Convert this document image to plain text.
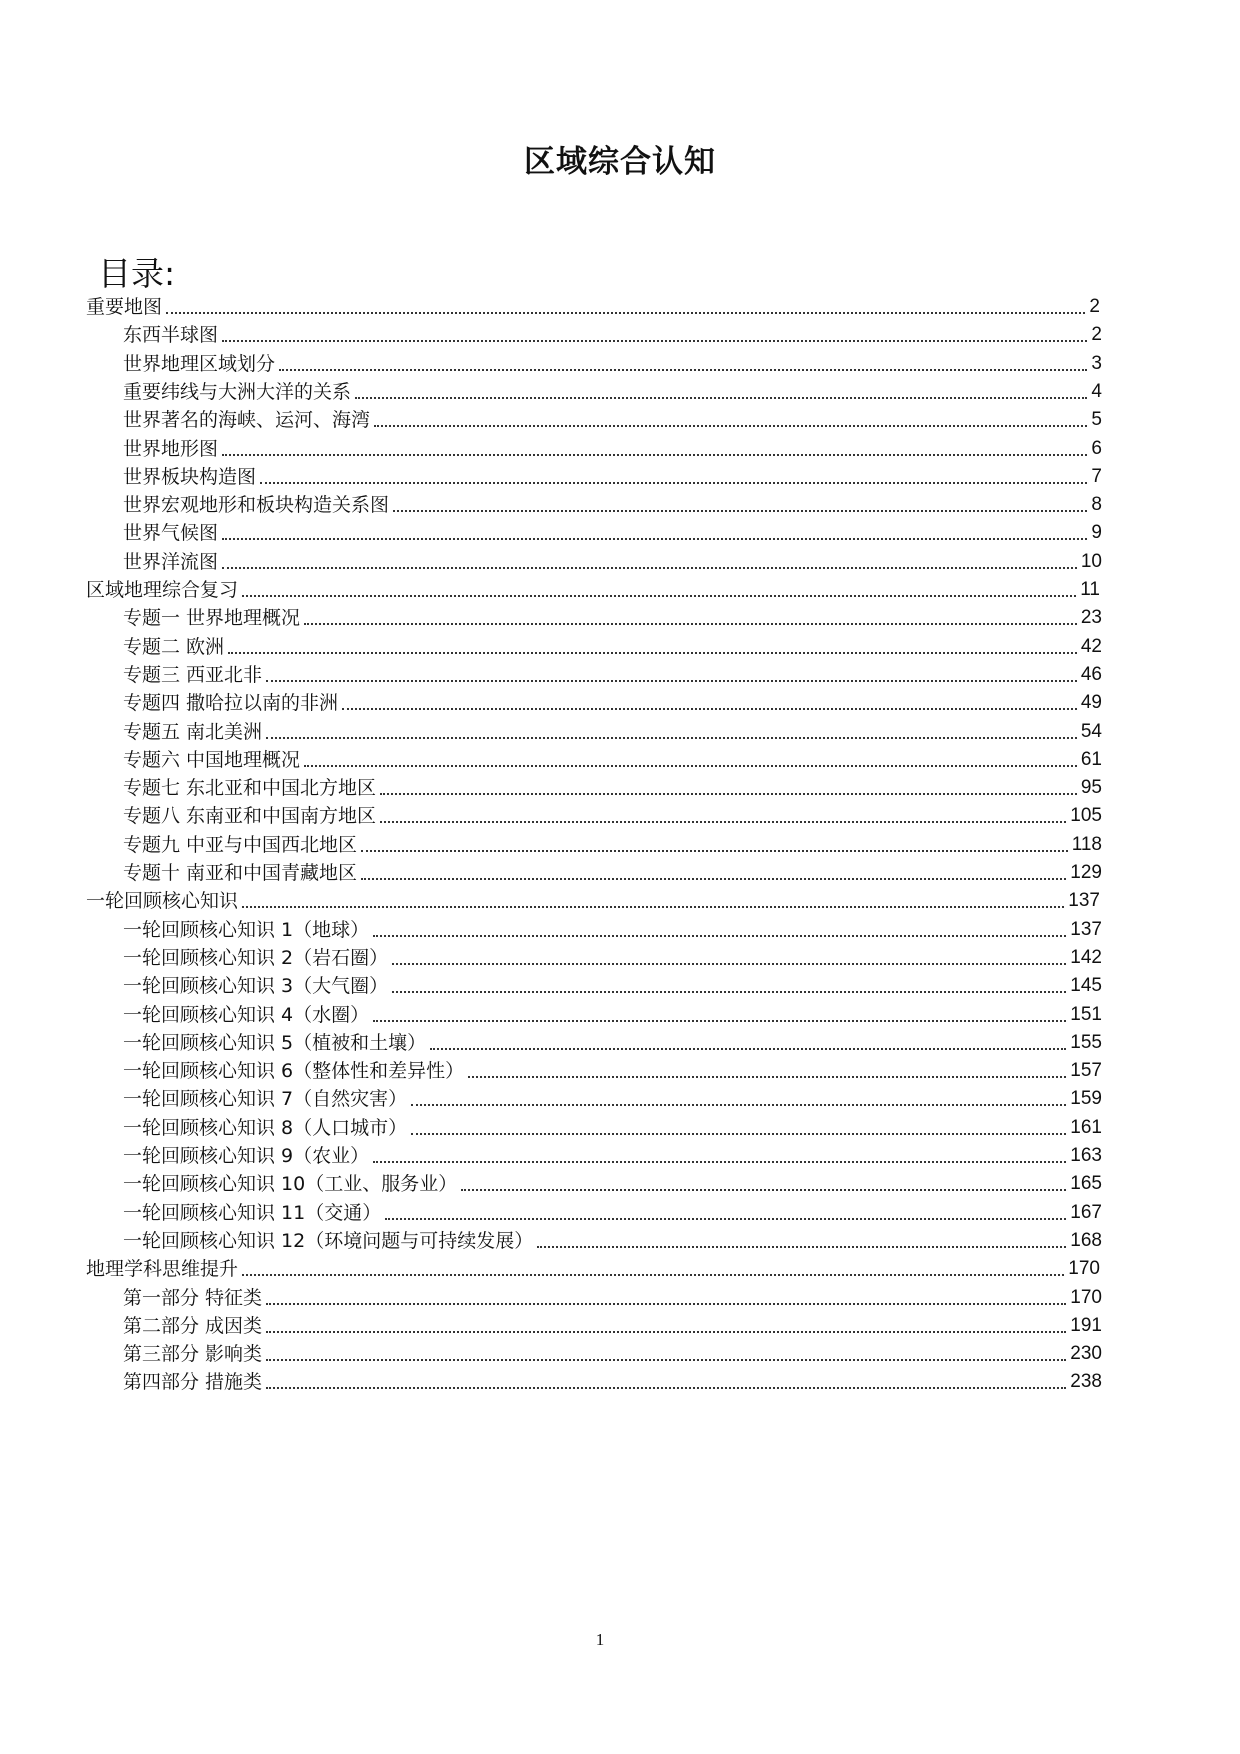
区域综合认知
目录:
重要地图	2
东西半球图	2
世界地理区域划分	3
重要纬线与大洲大洋的关系	4
世界著名的海峡、运河、海湾	5
世界地形图	6
世界板块构造图	7
世界宏观地形和板块构造关系图	8
世界气候图	9
世界洋流图	10
区域地理综合复习	11
专题一 世界地理概况	23
专题二 欧洲	42
专题三 西亚北非	46
专题四 撒哈拉以南的非洲	49
专题五 南北美洲	54
专题六 中国地理概况	61
专题七 东北亚和中国北方地区	95
专题八 东南亚和中国南方地区	105
专题九 中亚与中国西北地区	118
专题十 南亚和中国青藏地区	129
一轮回顾核心知识	137
一轮回顾核心知识 1（地球）	137
一轮回顾核心知识 2（岩石圈）	142
一轮回顾核心知识 3（大气圈）	145
一轮回顾核心知识 4（水圈）	151
一轮回顾核心知识 5（植被和土壤）	155
一轮回顾核心知识 6（整体性和差异性）	157
一轮回顾核心知识 7（自然灾害）	159
一轮回顾核心知识 8（人口城市）	161
一轮回顾核心知识 9（农业）	163
一轮回顾核心知识 10（工业、服务业）	165
一轮回顾核心知识 11（交通）	167
一轮回顾核心知识 12（环境问题与可持续发展）	168
地理学科思维提升	170
第一部分 特征类	170
第二部分 成因类	191
第三部分 影响类	230
第四部分 措施类	238
1
